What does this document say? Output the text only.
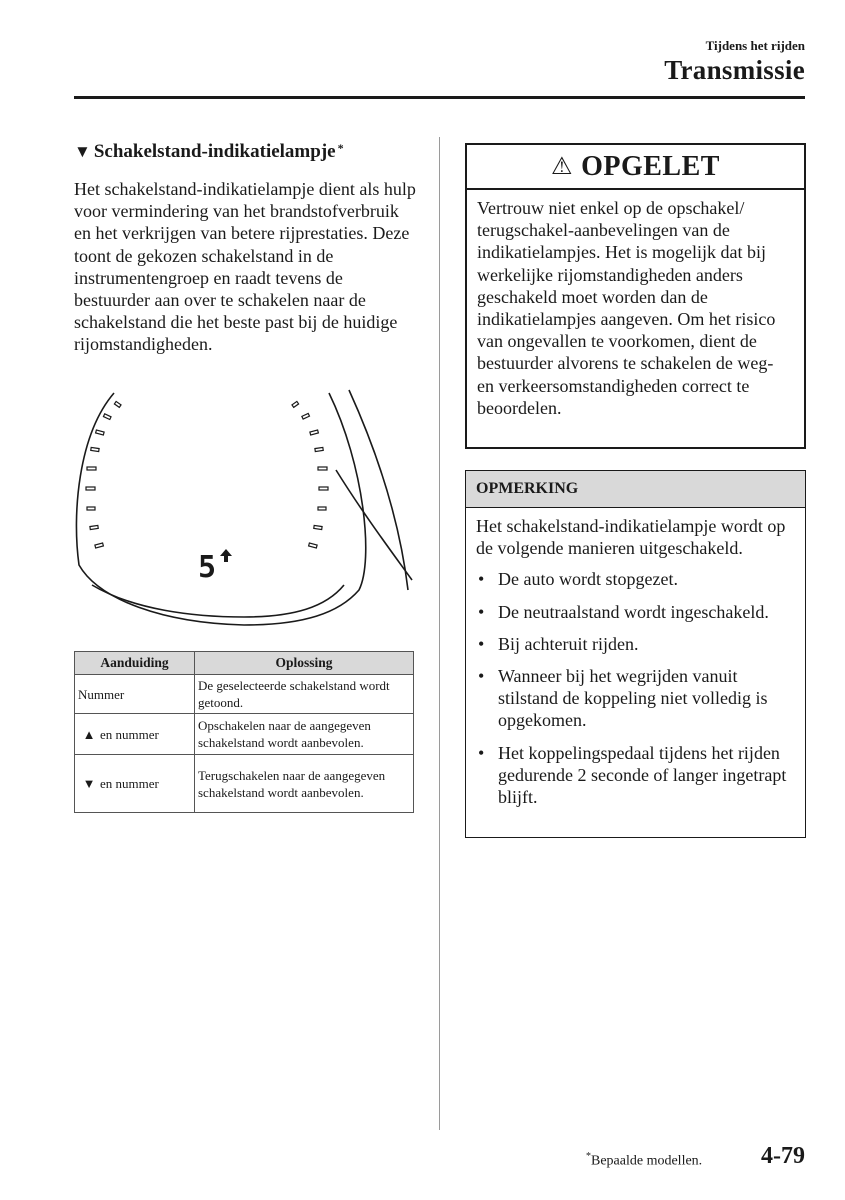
Tijdens het rijden
Transmissie
▼ Schakelstand-indikatielampje*

Het schakelstand-indikatielampje dient als hulp voor vermindering van het brandstofverbruik en het verkrijgen van betere rijprestaties. Deze toont de gekozen schakelstand in de instrumentengroep en raadt tevens de bestuurder aan over te schakelen naar de schakelstand die het beste past bij de huidige rijomstandigheden.

5
Aanduiding	Oplossing
Nummer	De geselecteerde schakelstand wordt getoond.

▲ en nummer	Opschakelen naar de aangegeven schakelstand wordt aanbevolen.

▼ en nummer	Terugschakelen naar de aangegeven schakelstand wordt aanbevolen.
⚠ OPGELET

Vertrouw niet enkel op de opschakel/ terugschakel-aanbevelingen van de indikatielampjes. Het is mogelijk dat bij werkelijke rijomstandigheden anders geschakeld moet worden dan de indikatielampjes aangeven. Om het risico van ongevallen te voorkomen, dient de bestuurder alvorens te schakelen de weg- en verkeersomstandigheden correct te beoordelen.

OPMERKING

Het schakelstand-indikatielampje wordt op de volgende manieren uitgeschakeld.

• De auto wordt stopgezet.
• De neutraalstand wordt ingeschakeld.
• Bij achteruit rijden.
• Wanneer bij het wegrijden vanuit stilstand de koppeling niet volledig is opgekomen.
• Het koppelingspedaal tijdens het rijden gedurende 2 seconde of langer ingetrapt blijft.
*Bepaalde modellen. 4-79
